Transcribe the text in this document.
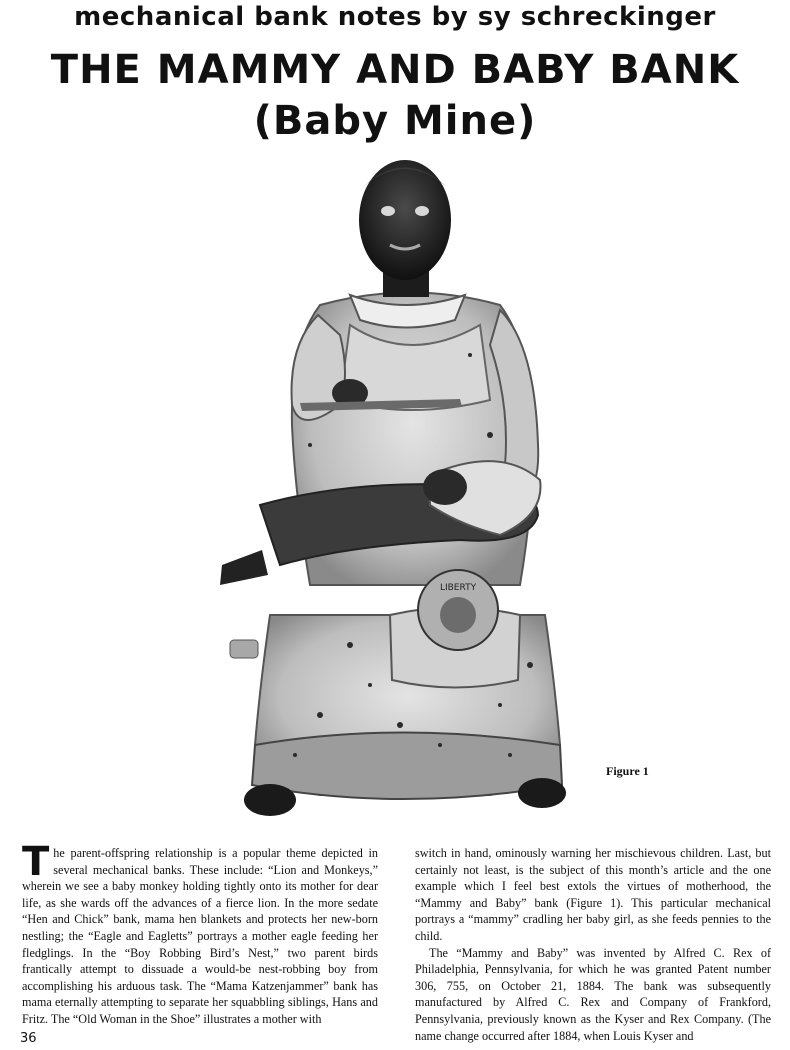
mechanical bank notes by sy schreckinger
THE MAMMY AND BABY BANK
(Baby Mine)
LIBERTY
Figure 1

T he parent-offspring relationship is a popular theme depicted in several mechanical banks. These include: “Lion and Monkeys,” wherein we see a baby monkey holding tightly onto its mother for dear life, as she wards off the advances of a fierce lion. In the more sedate “Hen and Chick” bank, mama hen blankets and protects her new-born nestling; the “Eagle and Eagletts” portrays a mother eagle feeding her fledglings. In the “Boy Robbing Bird’s Nest,” two parent birds frantically attempt to dissuade a would-be nest-robbing boy from accomplishing his arduous task. The “Mama Katzenjammer” bank has mama eternally attempting to separate her squabbling siblings, Hans and Fritz. The “Old Woman in the Shoe” illustrates a mother with

switch in hand, ominously warning her mischievous children. Last, but certainly not least, is the subject of this month’s article and the one example which I feel best extols the virtues of motherhood, the “Mammy and Baby” bank (Figure 1). This particular mechanical portrays a “mammy” cradling her baby girl, as she feeds pennies to the child.

The “Mammy and Baby” was invented by Alfred C. Rex of Philadelphia, Pennsylvania, for which he was granted Patent number 306, 755, on October 21, 1884. The bank was subsequently manufactured by Alfred C. Rex and Company of Frankford, Pennsylvania, previously known as the Kyser and Rex Company. (The name change occurred after 1884, when Louis Kyser and

36
